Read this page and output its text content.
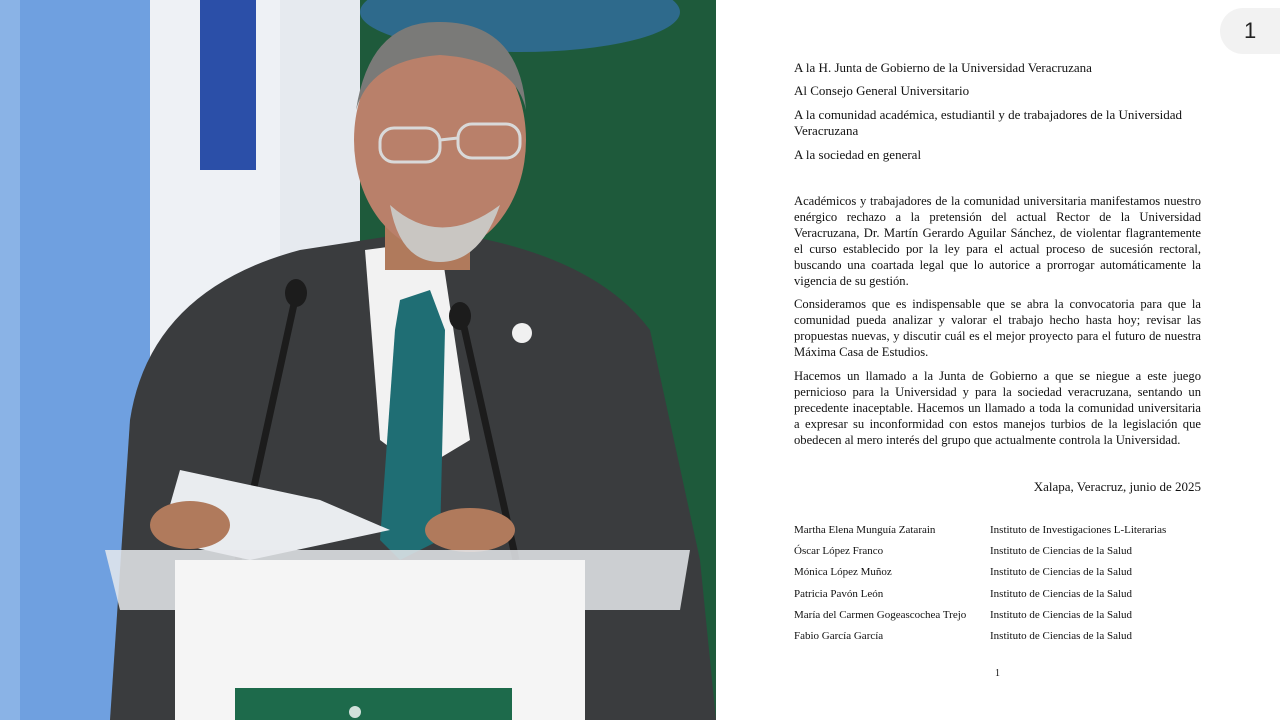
1
A la H. Junta de Gobierno de la Universidad Veracruzana
Al Consejo General Universitario
A la comunidad académica, estudiantil y de trabajadores de la Universidad Veracruzana
A la sociedad en general
Académicos y trabajadores de la comunidad universitaria manifestamos nuestro enérgico rechazo a la pretensión del actual Rector de la Universidad Veracruzana, Dr. Martín Gerardo Aguilar Sánchez, de violentar flagrantemente el curso establecido por la ley para el actual proceso de sucesión rectoral, buscando una coartada legal que lo autorice a prorrogar automáticamente la vigencia de su gestión.
Consideramos que es indispensable que se abra la convocatoria para que la comunidad pueda analizar y valorar el trabajo hecho hasta hoy; revisar las propuestas nuevas, y discutir cuál es el mejor proyecto para el futuro de nuestra Máxima Casa de Estudios.
Hacemos un llamado a la Junta de Gobierno a que se niegue a este juego pernicioso para la Universidad y para la sociedad veracruzana, sentando un precedente inaceptable. Hacemos un llamado a toda la comunidad universitaria a expresar su inconformidad con estos manejos turbios de la legislación que obedecen al mero interés del grupo que actualmente controla la Universidad.
Xalapa, Veracruz, junio de 2025
Martha Elena Munguía Zatarain	Instituto de Investigaciones L-Literarias
Óscar López Franco	Instituto de Ciencias de la Salud
Mónica López Muñoz	Instituto de Ciencias de la Salud
Patricia Pavón León	Instituto de Ciencias de la Salud
María del Carmen Gogeascochea Trejo Instituto de Ciencias de la Salud
Fabio García García	Instituto de Ciencias de la Salud
1
